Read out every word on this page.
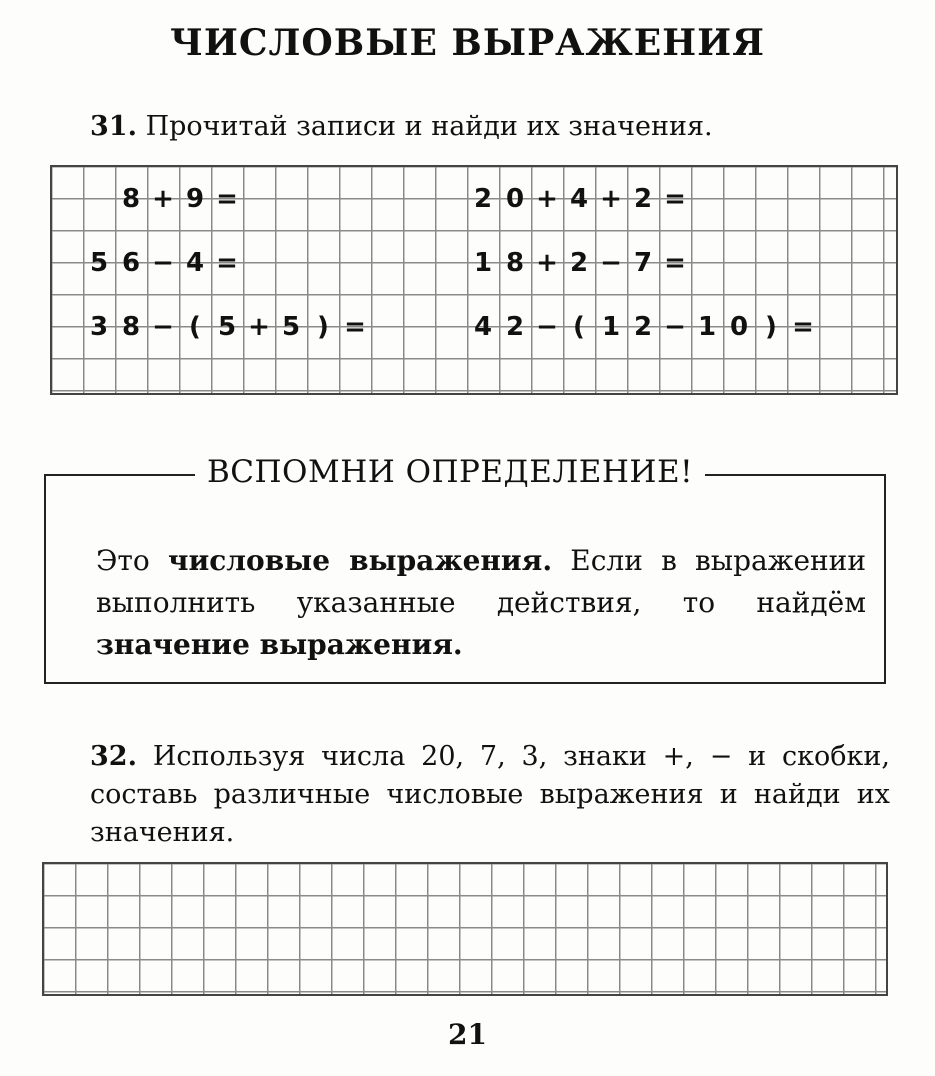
ЧИСЛОВЫЕ ВЫРАЖЕНИЯ
31. Прочитай записи и найди их значения.
8 + 9 =
5 6 − 4 =
3 8 − ( 5 + 5 ) =
2 0 + 4 + 2 =
1 8 + 2 − 7 =
4 2 − ( 1 2 − 1 0 ) =
ВСПОМНИ ОПРЕДЕЛЕНИЕ!
Это числовые выражения. Если в выражении выполнить указанные действия, то найдём значение выражения.
32. Используя числа 20, 7, 3, знаки +, − и скобки, составь различные числовые выражения и найди их значения.
21
